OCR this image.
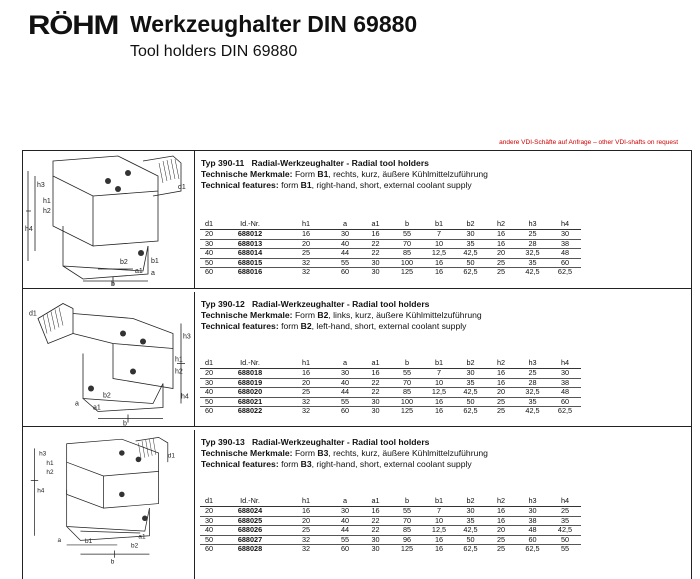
RÖHM Werkzeughalter DIN 69880
Tool holders DIN 69880
andere VDI-Schäfte auf Anfrage – other VDI-shafts on request
h3
h1
h2
h4
d1
b2
a1
b
a
b1
Typ 390-11 Radial-Werkzeughalter - Radial tool holders
Technische Merkmale: Form B1, rechts, kurz, äußere Kühlmittelzuführung
Technical features: form B1, right-hand, short, external coolant supply
d1	Id.-Nr.	h1	a	a1	b	b1	b2	h2	h3	h4
20	688012	16	30	16	55	7	30	16	25	30
30	688013	20	40	22	70	10	35	16	28	38
40	688014	25	44	22	85	12,5	42,5	20	32,5	48
50	688015	32	55	30	100	16	50	25	35	60
60	688016	32	60	30	125	16	62,5	25	42,5	62,5
d1
h3
h1
h2
h4
b2
a1
b
a
Typ 390-12 Radial-Werkzeughalter - Radial tool holders
Technische Merkmale: Form B2, links, kurz, äußere Kühlmittelzuführung
Technical features: form B2, left-hand, short, external coolant supply
d1	Id.-Nr.	h1	a	a1	b	b1	b2	h2	h3	h4
20	688018	16	30	16	55	7	30	16	25	30
30	688019	20	40	22	70	10	35	16	28	38
40	688020	25	44	22	85	12,5	42,5	20	32,5	48
50	688021	32	55	30	100	16	50	25	35	60
60	688022	32	60	30	125	16	62,5	25	42,5	62,5
h3
h1
h2
h4
d1
b2
a1
b
b1
a
Typ 390-13 Radial-Werkzeughalter - Radial tool holders
Technische Merkmale: Form B3, rechts, kurz, äußere Kühlmittelzuführung
Technical features: form B3, right-hand, short, external coolant supply
d1	Id.-Nr.	h1	a	a1	b	b1	b2	h2	h3	h4
20	688024	16	30	16	55	7	30	16	30	25
30	688025	20	40	22	70	10	35	16	38	35
40	688026	25	44	22	85	12,5	42,5	20	48	42,5
50	688027	32	55	30	96	16	50	25	60	50
60	688028	32	60	30	125	16	62,5	25	62,5	55
